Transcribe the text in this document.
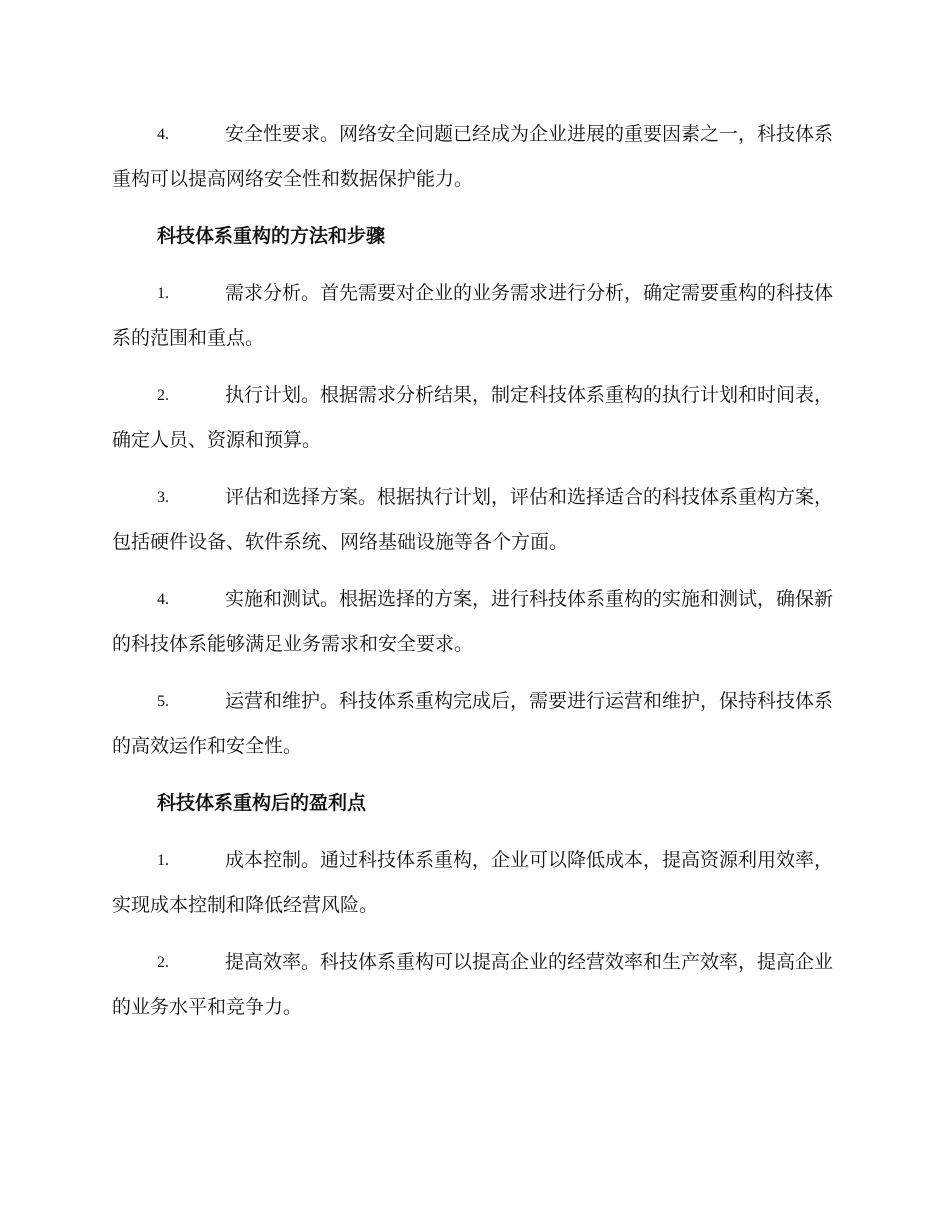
4.	安全性要求。网络安全问题已经成为企业进展的重要因素之一，科技体系重构可以提高网络安全性和数据保护能力。

科技体系重构的方法和步骤

1.	需求分析。首先需要对企业的业务需求进行分析，确定需要重构的科技体系的范围和重点。

2.	执行计划。根据需求分析结果，制定科技体系重构的执行计划和时间表，确定人员、资源和预算。

3.	评估和选择方案。根据执行计划，评估和选择适合的科技体系重构方案，包括硬件设备、软件系统、网络基础设施等各个方面。

4.	实施和测试。根据选择的方案，进行科技体系重构的实施和测试，确保新的科技体系能够满足业务需求和安全要求。

5.	运营和维护。科技体系重构完成后，需要进行运营和维护，保持科技体系的高效运作和安全性。

科技体系重构后的盈利点

1.	成本控制。通过科技体系重构，企业可以降低成本，提高资源利用效率，实现成本控制和降低经营风险。

2.	提高效率。科技体系重构可以提高企业的经营效率和生产效率，提高企业的业务水平和竞争力。
